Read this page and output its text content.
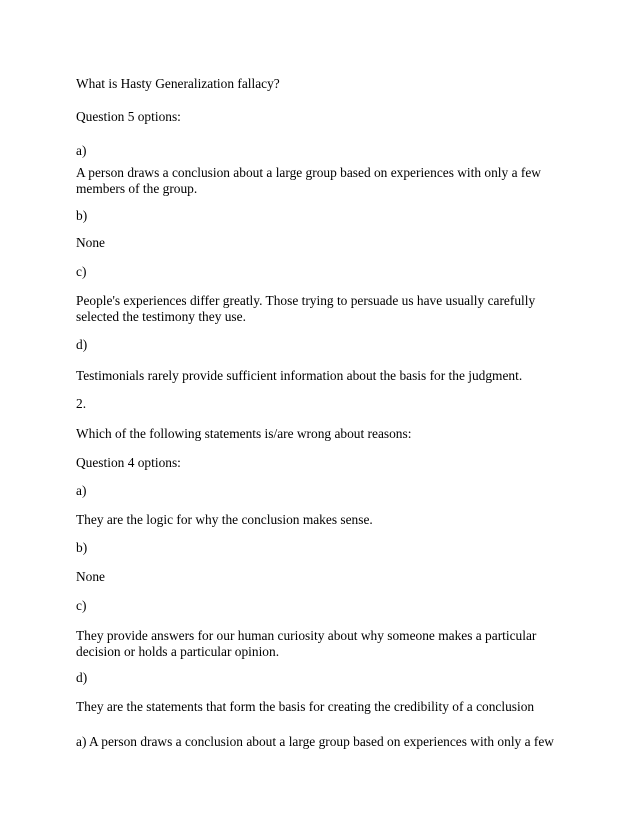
What is Hasty Generalization fallacy?
Question 5 options:
a)
A person draws a conclusion about a large group based on experiences with only a few members of the group.
b)
None
c)
People's experiences differ greatly. Those trying to persuade us have usually carefully selected the testimony they use.
d)
Testimonials rarely provide sufficient information about the basis for the judgment.
2.
Which of the following statements is/are wrong about reasons:
Question 4 options:
a)
They are the logic for why the conclusion makes sense.
b)
None
c)
They provide answers for our human curiosity about why someone makes a particular decision or holds a particular opinion.
d)
They are the statements that form the basis for creating the credibility of a conclusion
a) A person draws a conclusion about a large group based on experiences with only a few
